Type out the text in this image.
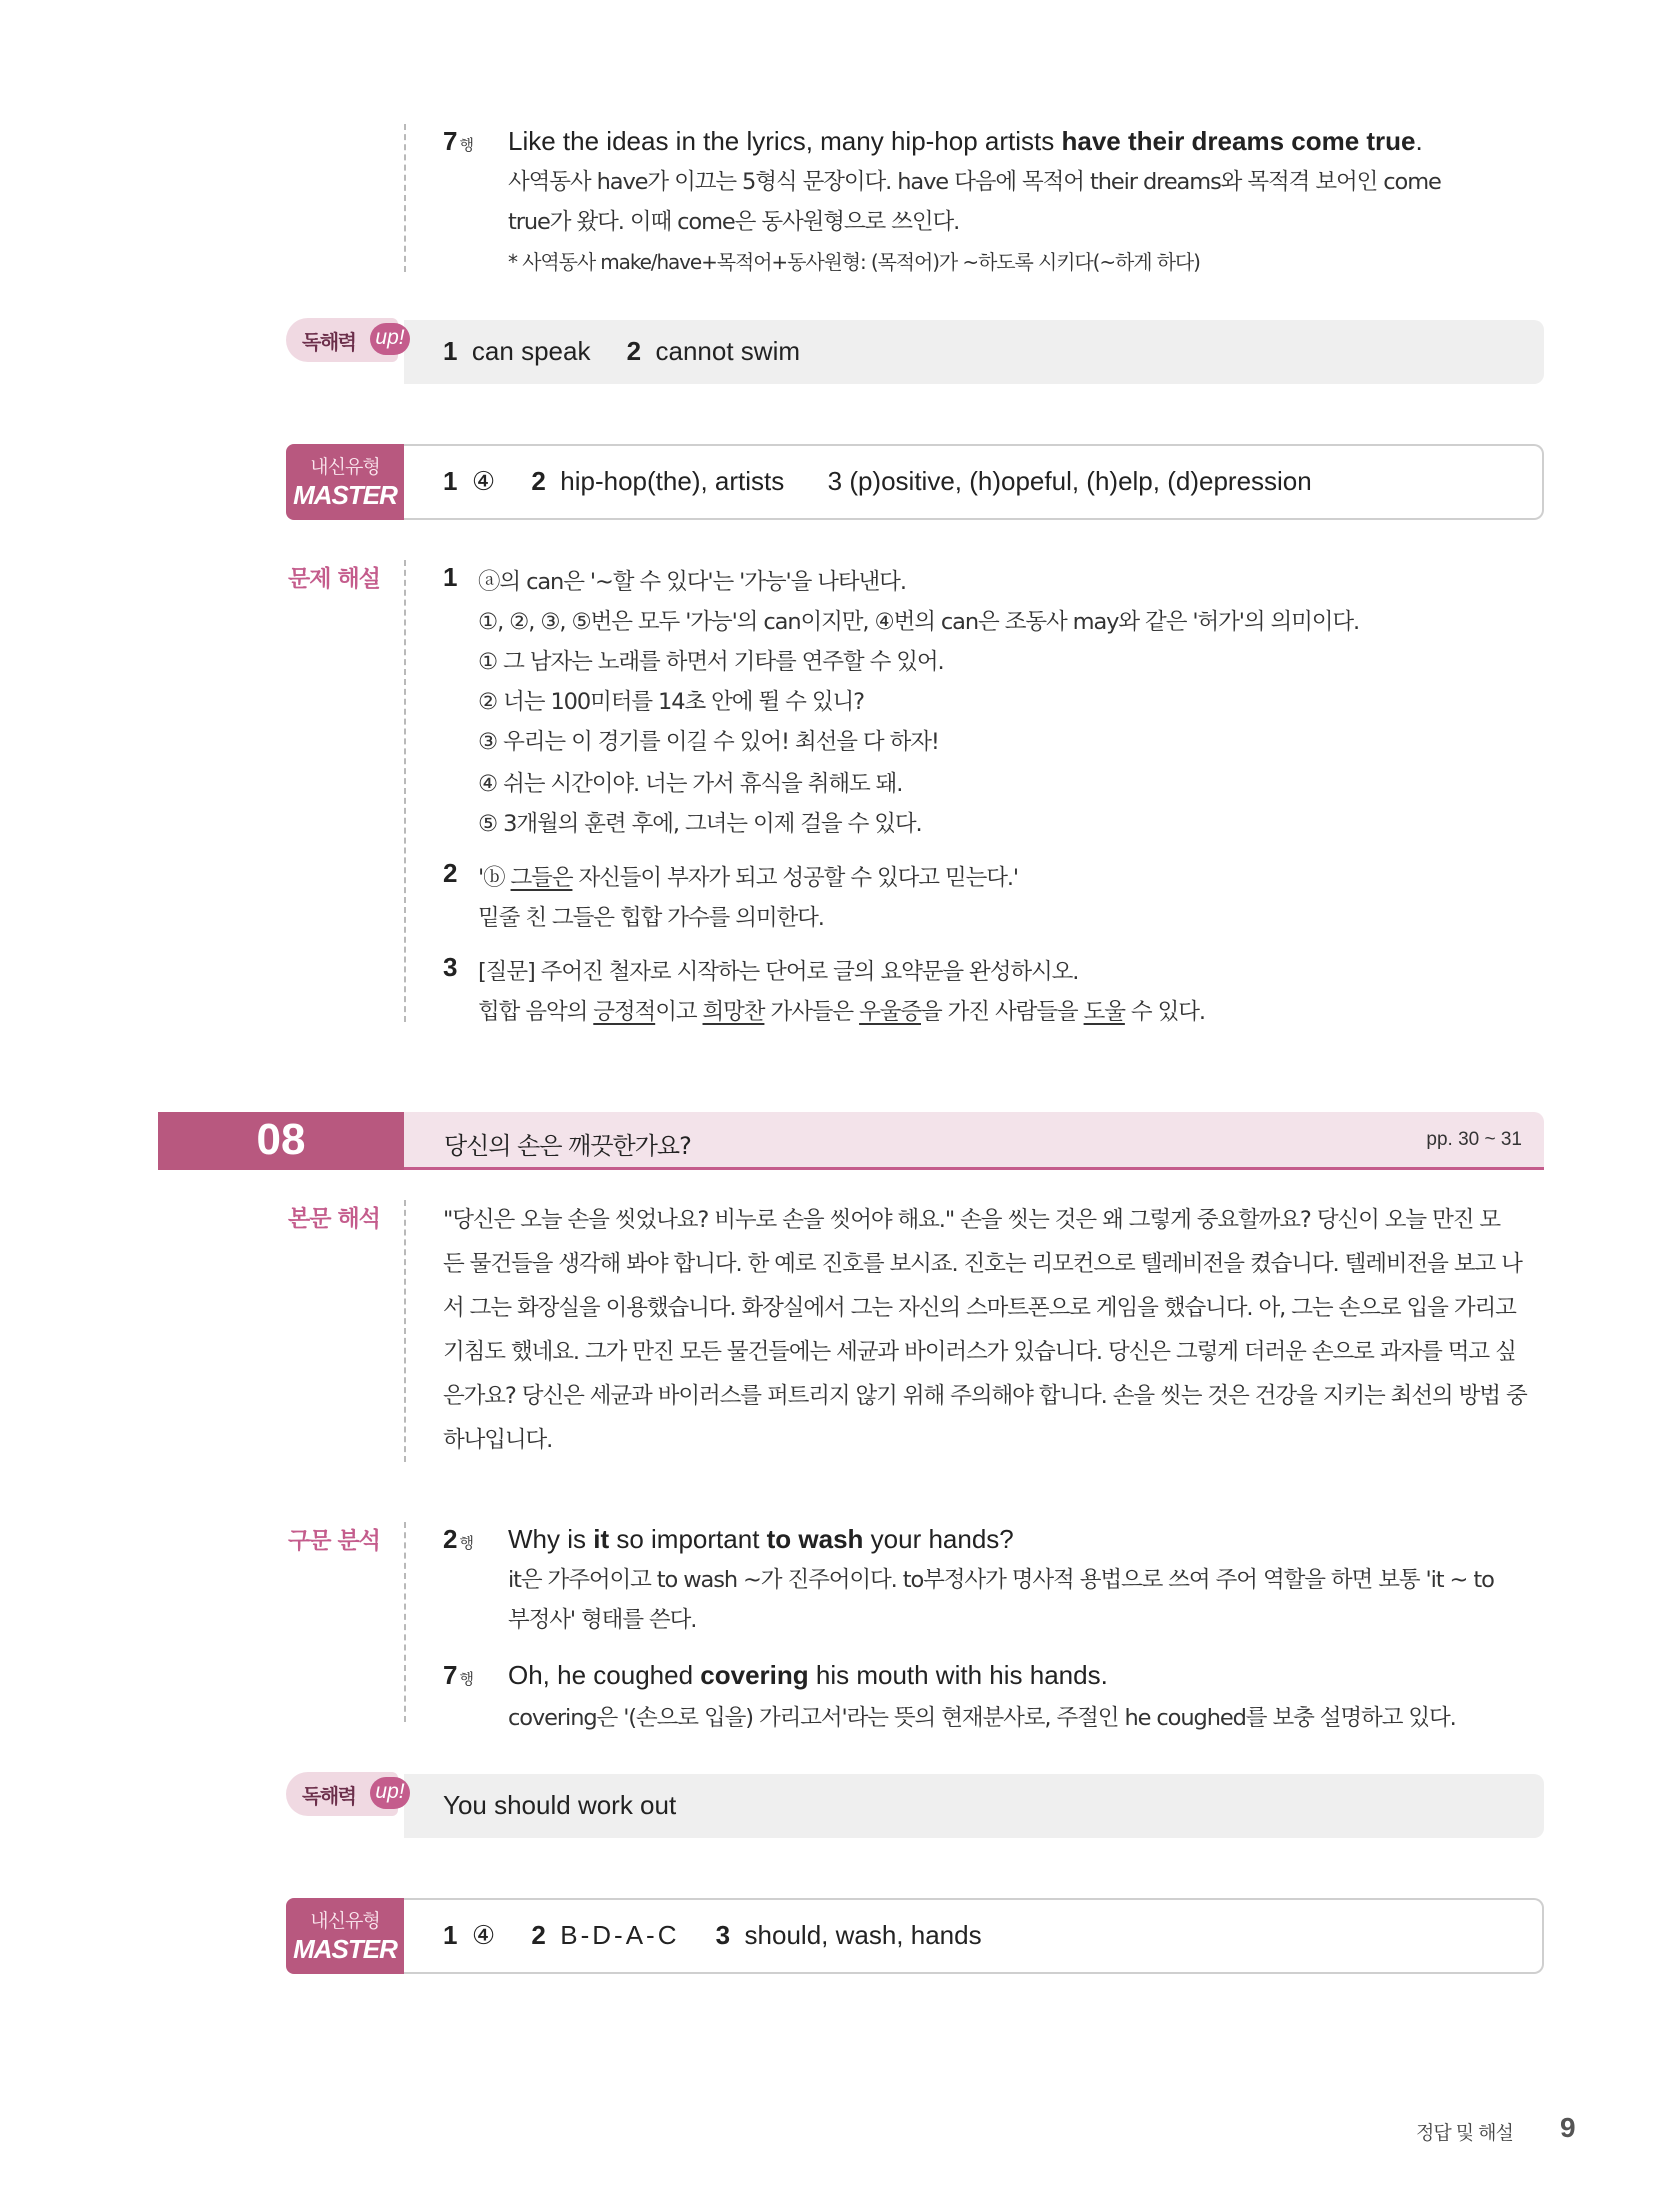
7 행 Like the ideas in the lyrics, many hip-hop artists have their dreams come true.
사역동사 have가 이끄는 5형식 문장이다. have 다음에 목적어 their dreams와 목적격 보어인 come
true가 왔다. 이때 come은 동사원형으로 쓰인다.
* 사역동사 make/have+목적어+동사원형: (목적어)가 ~하도록 시키다(~하게 하다)
독해력 up! 1 can speak 2 cannot swim
내신유형
MASTER 1 ④ 2 hip-hop(the), artists 3 (p)ositive, (h)opeful, (h)elp, (d)epression
문제 해설 1 ⓐ의 can은 '~할 수 있다'는 '가능'을 나타낸다.
①, ②, ③, ⑤번은 모두 '가능'의 can이지만, ④번의 can은 조동사 may와 같은 '허가'의 의미이다.
① 그 남자는 노래를 하면서 기타를 연주할 수 있어.
② 너는 100미터를 14초 안에 뛸 수 있니?
③ 우리는 이 경기를 이길 수 있어! 최선을 다 하자!
④ 쉬는 시간이야. 너는 가서 휴식을 취해도 돼.
⑤ 3개월의 훈련 후에, 그녀는 이제 걸을 수 있다.
2 'ⓑ 그들은 자신들이 부자가 되고 성공할 수 있다고 믿는다.'
밑줄 친 그들은 힙합 가수를 의미한다.
3 [질문] 주어진 철자로 시작하는 단어로 글의 요약문을 완성하시오.
힙합 음악의 긍정적이고 희망찬 가사들은 우울증을 가진 사람들을 도울 수 있다.
08	당신의 손은 깨끗한가요?	pp. 30 ~ 31
본문 해석	"당신은 오늘 손을 씻었나요? 비누로 손을 씻어야 해요." 손을 씻는 것은 왜 그렇게 중요할까요? 당신이 오늘 만진 모
든 물건들을 생각해 봐야 합니다. 한 예로 진호를 보시죠. 진호는 리모컨으로 텔레비전을 켰습니다. 텔레비전을 보고 나
서 그는 화장실을 이용했습니다. 화장실에서 그는 자신의 스마트폰으로 게임을 했습니다. 아, 그는 손으로 입을 가리고
기침도 했네요. 그가 만진 모든 물건들에는 세균과 바이러스가 있습니다. 당신은 그렇게 더러운 손으로 과자를 먹고 싶
은가요? 당신은 세균과 바이러스를 퍼트리지 않기 위해 주의해야 합니다. 손을 씻는 것은 건강을 지키는 최선의 방법 중
하나입니다.
구문 분석 2 행 Why is it so important to wash your hands?
it은 가주어이고 to wash ~가 진주어이다. to부정사가 명사적 용법으로 쓰여 주어 역할을 하면 보통 'it ~ to
부정사' 형태를 쓴다.
7 행 Oh, he coughed covering his mouth with his hands.
covering은 '(손으로 입을) 가리고서'라는 뜻의 현재분사로, 주절인 he coughed를 보충 설명하고 있다.
독해력 up! You should work out
내신유형
MASTER 1 ④ 2 B-D-A-C 3 should, wash, hands
정답 및 해설 9
